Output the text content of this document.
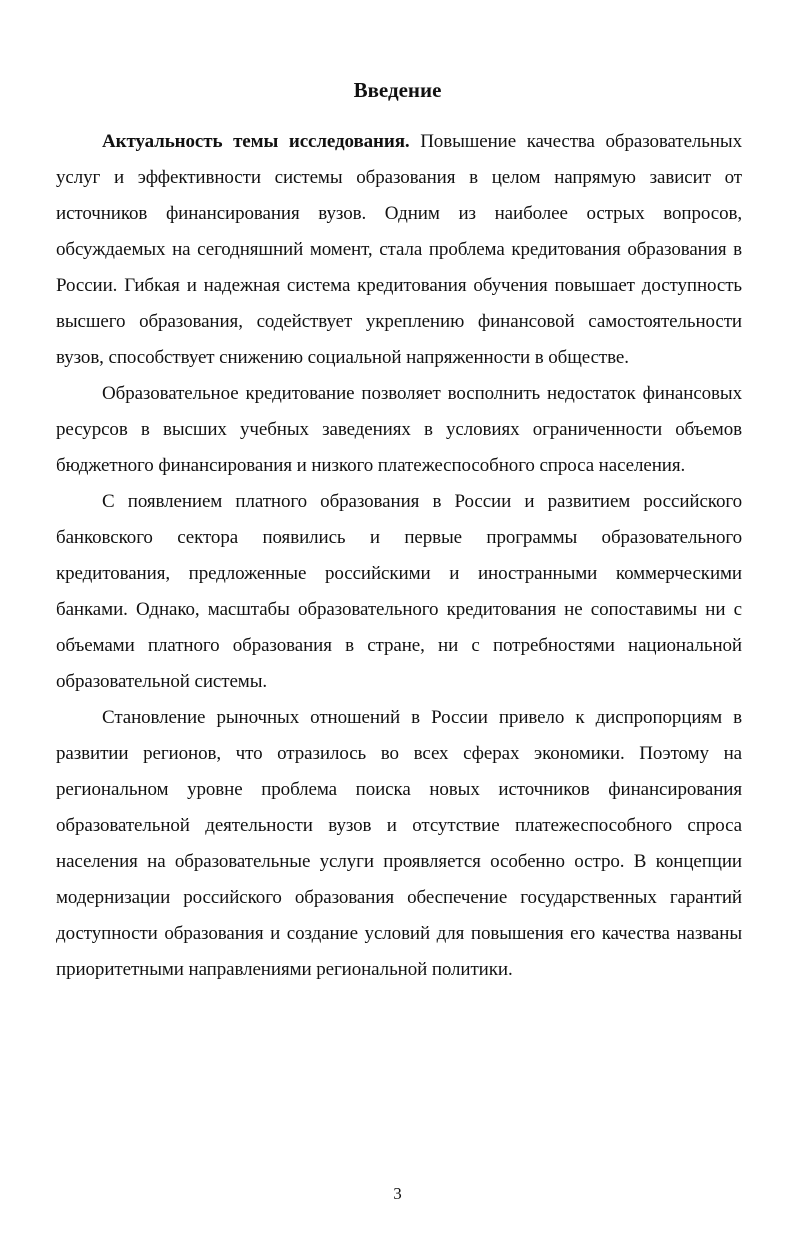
Введение

Актуальность темы исследования. Повышение качества образовательных услуг и эффективности системы образования в целом напрямую зависит от источников финансирования вузов. Одним из наиболее острых вопросов, обсуждаемых на сегодняшний момент, стала проблема кредитования образования в России. Гибкая и надежная система кредитования обучения повышает доступность высшего образования, содействует укреплению финансовой самостоятельности вузов, способствует снижению социальной напряженности в обществе.

Образовательное кредитование позволяет восполнить недостаток финансовых ресурсов в высших учебных заведениях в условиях ограниченности объемов бюджетного финансирования и низкого платежеспособного спроса населения.

С появлением платного образования в России и развитием российского банковского сектора появились и первые программы образовательного кредитования, предложенные российскими и иностранными коммерческими банками. Однако, масштабы образовательного кредитования не сопоставимы ни с объемами платного образования в стране, ни с потребностями национальной образовательной системы.

Становление рыночных отношений в России привело к диспропорциям в развитии регионов, что отразилось во всех сферах экономики. Поэтому на региональном уровне проблема поиска новых источников финансирования образовательной деятельности вузов и отсутствие платежеспособного спроса населения на образовательные услуги проявляется особенно остро. В концепции модернизации российского образования обеспечение государственных гарантий доступности образования и создание условий для повышения его качества названы приоритетными направлениями региональной политики.

3
